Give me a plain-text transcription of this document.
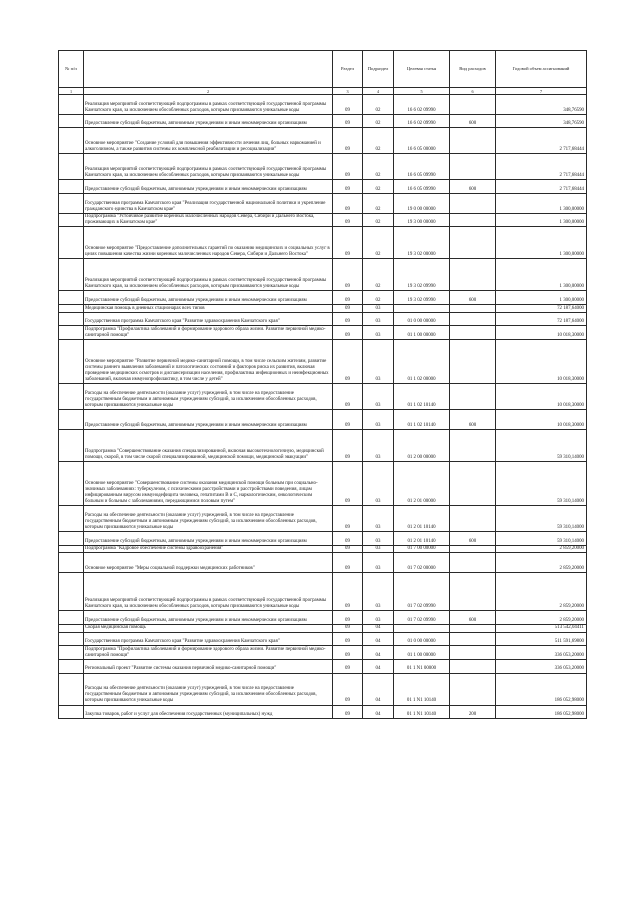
№ п/п		Раздел	Подраздел	Целевая статья	Вид расходов	Годовой объем ассигнований
1	2	3	4	5	6	7
	Реализация мероприятий соответствующей подпрограммы в рамках соответствующей государственной программы Камчатского края, за исключением обособленных расходов, которым присваиваются уникальные коды	09	02	16 6 02 09990		348,76590
	Предоставление субсидий бюджетным, автономным учреждениям и иным некоммерческим организациям	09	02	16 6 02 09990	600	348,76590
	Основное мероприятие "Создание условий для повышения эффективности лечения лиц, больных наркоманией и алкоголизмом, а также развития системы их комплексной реабилитации и ресоциализации"	09	02	16 6 05 00000		2 717,68444
	Реализация мероприятий соответствующей подпрограммы в рамках соответствующей государственной программы Камчатского края, за исключением обособленных расходов, которым присваиваются уникальные коды	09	02	16 6 05 09990		2 717,68444
	Предоставление субсидий бюджетным, автономным учреждениям и иным некоммерческим организациям	09	02	16 6 05 09990	600	2 717,68444
	Государственная программа Камчатского края "Реализация государственной национальной политики и укрепление гражданского единства в Камчатском крае"	09	02	19 0 00 00000		1 300,00000
	Подпрограмма "Устойчивое развитие коренных малочисленных народов Севера, Сибири и Дальнего Востока, проживающих в Камчатском крае"	09	02	19 3 00 00000		1 300,00000
	Основное мероприятие "Предоставление дополнительных гарантий по оказанию медицинских и социальных услуг в целях повышения качества жизни коренных малочисленных народов Севера, Сибири и Дальнего Востока"	09	02	19 3 02 00000		1 300,00000
	Реализация мероприятий соответствующей подпрограммы в рамках соответствующей государственной программы Камчатского края, за исключением обособленных расходов, которым присваиваются уникальные коды	09	02	19 3 02 09990		1 300,00000
	Предоставление субсидий бюджетным, автономным учреждениям и иным некоммерческим организациям	09	02	19 3 02 09990	600	1 300,00000
	Медицинская помощь в дневных стационарах всех типов	09	03			72 187,64000
	Государственная программа Камчатского края "Развитие здравоохранения Камчатского края"	09	03	01 0 00 00000		72 187,64000
	Подпрограмма "Профилактика заболеваний и формирование здорового образа жизни. Развитие первичной медико-санитарной помощи"	09	03	01 1 00 00000		10 018,30000
	Основное мероприятие "Развитие первичной медико-санитарной помощи, в том числе сельским жителям, развитие системы раннего выявления заболеваний и патологических состояний и факторов риска их развития, включая проведение медицинских осмотров и диспансеризации населения, профилактика инфекционных и неинфекционных заболеваний, включая иммунопрофилактику, в том числе у детей"	09	03	01 1 02 00000		10 018,30000
	Расходы на обеспечение деятельности (оказание услуг) учреждений, в том числе на предоставление государственным бюджетным и автономным учреждениям субсидий, за исключением обособленных расходов, которым присваиваются уникальные коды	09	03	01 1 02 10140		10 018,30000
	Предоставление субсидий бюджетным, автономным учреждениям и иным некоммерческим организациям	09	03	01 1 02 10140	600	10 018,30000
	Подпрограмма "Совершенствование оказания специализированной, включая высокотехнологичную, медицинской помощи, скорой, в том числе скорой специализированной, медицинской помощи, медицинской эвакуации"	09	03	01 2 00 00000		59 310,14000
	Основное мероприятие "Совершенствование системы оказания медицинской помощи больным при социально-значимых заболеваниях: туберкулезом, с психическими расстройствами и расстройствами поведения, лицам инфицированным вирусом иммунодефицита человека, гепатитами В и С, наркологическим, онкологическим больным и больным с заболеваниями, передающимися половым путем"	09	03	01 2 01 00000		59 310,14000
	Расходы на обеспечение деятельности (оказание услуг) учреждений, в том числе на предоставление государственным бюджетным и автономным учреждениям субсидий, за исключением обособленных расходов, которым присваиваются уникальные коды	09	03	01 2 01 10140		59 310,14000
	Предоставление субсидий бюджетным, автономным учреждениям и иным некоммерческим организациям	09	03	01 2 01 10140	600	59 310,14000
	Подпрограмма "Кадровое обеспечение системы здравоохранения"	09	03	01 7 00 00000		2 859,20000
	Основное мероприятие "Меры социальной поддержки медицинских работников"	09	03	01 7 02 00000		2 859,20000
	Реализация мероприятий соответствующей подпрограммы в рамках соответствующей государственной программы Камчатского края, за исключением обособленных расходов, которым присваиваются уникальные коды	09	03	01 7 02 09990		2 859,20000
	Предоставление субсидий бюджетным, автономным учреждениям и иным некоммерческим организациям	09	03	01 7 02 09990	600	2 859,20000
	Скорая медицинская помощь	09	04			513 542,04411
	Государственная программа Камчатского края "Развитие здравоохранения Камчатского края"	09	04	01 0 00 00000		511 591,69800
	Подпрограмма "Профилактика заболеваний и формирование здорового образа жизни. Развитие первичной медико-санитарной помощи"	09	04	01 1 00 00000		336 053,20000
	Региональный проект "Развитие системы оказания первичной медико-санитарной помощи"	09	04	01 1 N1 00000		336 053,20000
	Расходы на обеспечение деятельности (оказание услуг) учреждений, в том числе на предоставление государственным бюджетным и автономным учреждениям субсидий, за исключением обособленных расходов, которым присваиваются уникальные коды	09	04	01 1 N1 10140		186 052,98000
	Закупка товаров, работ и услуг для обеспечения государственных (муниципальных) нужд	09	04	01 1 N1 10140	200	186 052,98000
